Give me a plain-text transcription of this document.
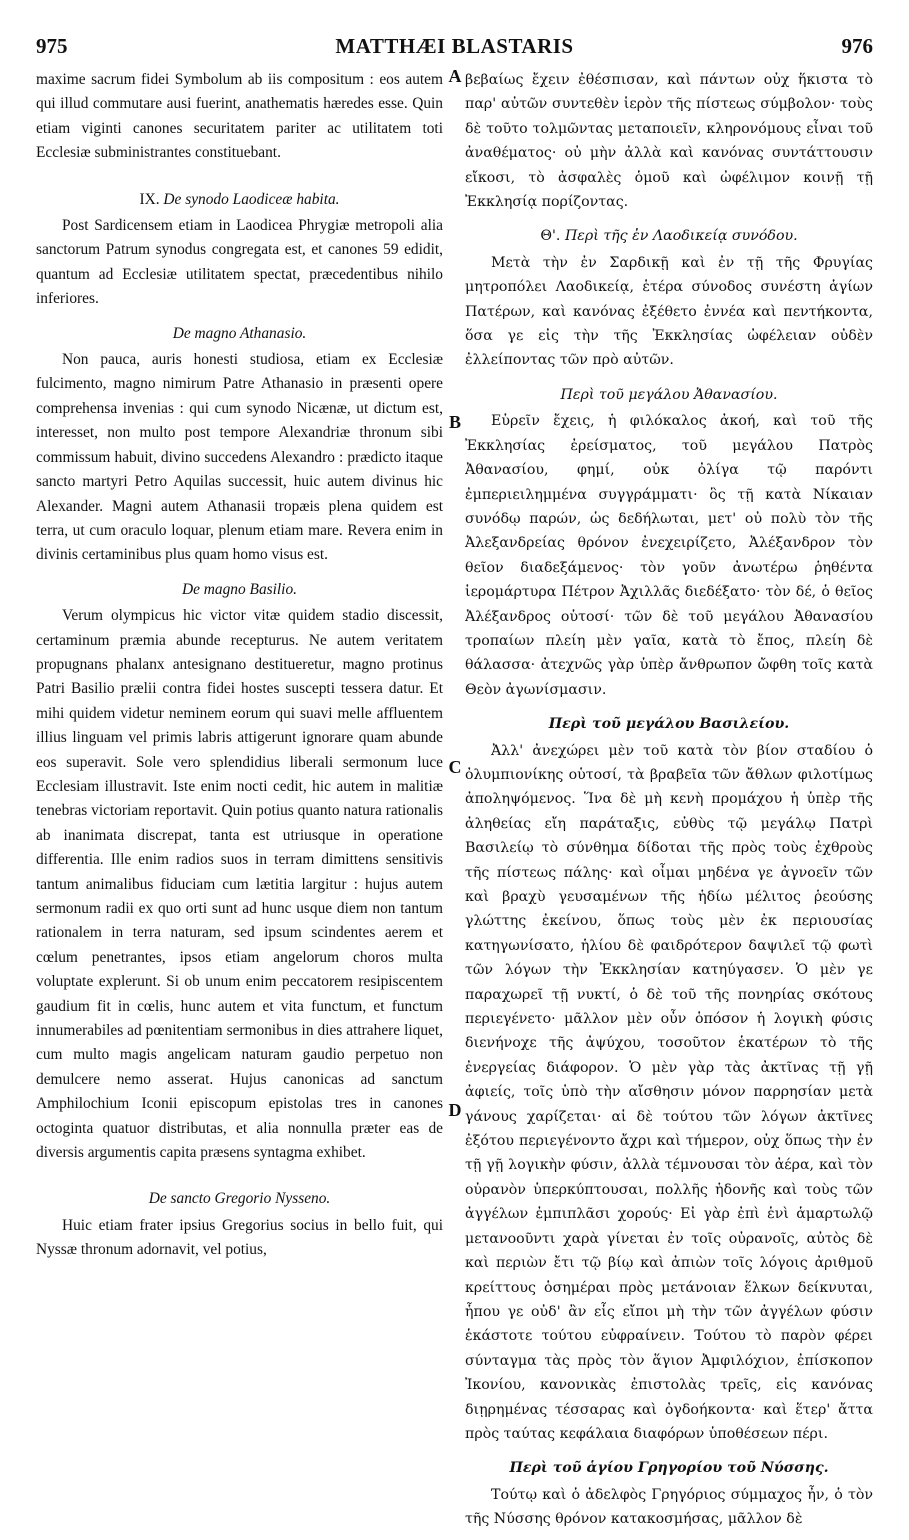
975	MATTHÆI BLASTARIS	976

maxime sacrum fidei Symbolum ab iis compositum : eos autem qui illud commutare ausi fuerint, anathematis hæredes esse. Quin etiam viginti canones securitatem pariter ac utilitatem toti Ecclesiæ subministrantes constituebant.

IX. De synodo Laodiceæ habita.

Post Sardicensem etiam in Laodicea Phrygiæ metropoli alia sanctorum Patrum synodus congregata est, et canones 59 edidit, quantum ad Ecclesiæ utilitatem spectat, præcedentibus nihilo inferiores.

De magno Athanasio.

Non pauca, auris honesti studiosa, etiam ex Ecclesiæ fulcimento, magno nimirum Patre Athanasio in præsenti opere comprehensa invenias : qui cum synodo Nicænæ, ut dictum est, interesset, non multo post tempore Alexandriæ thronum sibi commissum habuit, divino succedens Alexandro : prædicto itaque sancto martyri Petro Aquilas successit, huic autem divinus hic Alexander. Magni autem Athanasii tropæis plena quidem est terra, ut cum oraculo loquar, plenum etiam mare. Revera enim in divinis certaminibus plus quam homo visus est.

De magno Basilio.

Verum olympicus hic victor vitæ quidem stadio discessit, certaminum præmia abunde recepturus. Ne autem veritatem propugnans phalanx antesignano destitueretur, magno protinus Patri Basilio prælii contra fidei hostes suscepti tessera datur. Et mihi quidem videtur neminem eorum qui suavi melle affluentem illius linguam vel primis labris attigerunt ignorare quam abunde eos superavit. Sole vero splendidius liberali sermonum luce Ecclesiam illustravit. Iste enim nocti cedit, hic autem in malitiæ tenebras victoriam reportavit. Quin potius quanto natura rationalis ab inanimata discrepat, tanta est utriusque in operatione differentia. Ille enim radios suos in terram dimittens sensitivis tantum animalibus fiduciam cum lætitia largitur : hujus autem sermonum radii ex quo orti sunt ad hunc usque diem non tantum rationalem in terra naturam, sed ipsum scindentes aerem et cœlum penetrantes, ipsos etiam angelorum choros multa voluptate explerunt. Si ob unum enim peccatorem resipiscentem gaudium fit in cœlis, hunc autem et vita functum, et functum innumerabiles ad pœnitentiam sermonibus in dies attrahere liquet, cum multo magis angelicam naturam gaudio perpetuo non demulcere nemo asserat. Hujus canonicas ad sanctum Amphilochium Iconii episcopum epistolas tres in canones octoginta quatuor distributas, et alia nonnulla præter eas de diversis argumentis capita præsens syntagma exhibet.

De sancto Gregorio Nysseno.

Huic etiam frater ipsius Gregorius socius in bello fuit, qui Nyssæ thronum adornavit, vel potius,

A
B
C
D

βεβαίως ἔχειν ἐθέσπισαν, καὶ πάντων οὐχ ἥκιστα τὸ παρ' αὐτῶν συντεθὲν ἱερὸν τῆς πίστεως σύμβολον· τοὺς δὲ τοῦτο τολμῶντας μεταποιεῖν, κληρονόμους εἶναι τοῦ ἀναθέματος· οὐ μὴν ἀλλὰ καὶ κανόνας συντάττουσιν εἴκοσι, τὸ ἀσφαλὲς ὁμοῦ καὶ ὠφέλιμον κοινῇ τῇ Ἐκκλησίᾳ πορίζοντας.

Θ'. Περὶ τῆς ἐν Λαοδικείᾳ συνόδου.

Μετὰ τὴν ἐν Σαρδικῇ καὶ ἐν τῇ τῆς Φρυγίας μητροπόλει Λαοδικείᾳ, ἑτέρα σύνοδος συνέστη ἁγίων Πατέρων, καὶ κανόνας ἐξέθετο ἐννέα καὶ πεντήκοντα, ὅσα γε εἰς τὴν τῆς Ἐκκλησίας ὠφέλειαν οὐδὲν ἐλλείποντας τῶν πρὸ αὐτῶν.

Περὶ τοῦ μεγάλου Ἀθανασίου.

Εὑρεῖν ἔχεις, ἡ φιλόκαλος ἀκοή, καὶ τοῦ τῆς Ἐκκλησίας ἐρείσματος, τοῦ μεγάλου Πατρὸς Ἀθανασίου, φημί, οὐκ ὀλίγα τῷ παρόντι ἐμπεριειλημμένα συγγράμματι· ὃς τῇ κατὰ Νίκαιαν συνόδῳ παρών, ὡς δεδήλωται, μετ' οὐ πολὺ τὸν τῆς Ἀλεξανδρείας θρόνον ἐνεχειρίζετο, Ἀλέξανδρον τὸν θεῖον διαδεξάμενος· τὸν γοῦν ἀνωτέρω ῥηθέντα ἱερομάρτυρα Πέτρον Ἀχιλλᾶς διεδέξατο· τὸν δέ, ὁ θεῖος Ἀλέξανδρος οὑτοσί· τῶν δὲ τοῦ μεγάλου Ἀθανασίου τροπαίων πλείη μὲν γαῖα, κατὰ τὸ ἔπος, πλείη δὲ θάλασσα· ἀτεχνῶς γὰρ ὑπὲρ ἄνθρωπον ὤφθη τοῖς κατὰ Θεὸν ἀγωνίσμασιν.

Περὶ τοῦ μεγάλου Βασιλείου.

Ἀλλ' ἀνεχώρει μὲν τοῦ κατὰ τὸν βίον σταδίου ὁ ὀλυμπιονίκης οὑτοσί, τὰ βραβεῖα τῶν ἄθλων φιλοτίμως ἀποληψόμενος. Ἵνα δὲ μὴ κενὴ προμάχου ἡ ὑπὲρ τῆς ἀληθείας εἴη παράταξις, εὐθὺς τῷ μεγάλῳ Πατρὶ Βασιλείῳ τὸ σύνθημα δίδοται τῆς πρὸς τοὺς ἐχθροὺς τῆς πίστεως πάλης· καὶ οἶμαι μηδένα γε ἀγνοεῖν τῶν καὶ βραχὺ γευσαμένων τῆς ἡδίω μέλιτος ῥεούσης γλώττης ἐκείνου, ὅπως τοὺς μὲν ἐκ περιουσίας κατηγωνίσατο, ἡλίου δὲ φαιδρότερον δαψιλεῖ τῷ φωτὶ τῶν λόγων τὴν Ἐκκλησίαν κατηύγασεν. Ὁ μὲν γε παραχωρεῖ τῇ νυκτί, ὁ δὲ τοῦ τῆς πονηρίας σκότους περιεγένετο· μᾶλλον μὲν οὖν ὁπόσον ἡ λογικὴ φύσις διενήνοχε τῆς ἀψύχου, τοσοῦτον ἑκατέρων τὸ τῆς ἐνεργείας διάφορον. Ὁ μὲν γὰρ τὰς ἀκτῖνας τῇ γῇ ἀφιείς, τοῖς ὑπὸ τὴν αἴσθησιν μόνον παρρησίαν μετὰ γάνους χαρίζεται· αἱ δὲ τούτου τῶν λόγων ἀκτῖνες ἐξότου περιεγένοντο ἄχρι καὶ τήμερον, οὐχ ὅπως τὴν ἐν τῇ γῇ λογικὴν φύσιν, ἀλλὰ τέμνουσαι τὸν ἀέρα, καὶ τὸν οὐρανὸν ὑπερκύπτουσαι, πολλῆς ἡδονῆς καὶ τοὺς τῶν ἀγγέλων ἐμπιπλᾶσι χορούς· Εἰ γὰρ ἐπὶ ἑνὶ ἁμαρτωλῷ μετανοοῦντι χαρὰ γίνεται ἐν τοῖς οὐρανοῖς, αὐτὸς δὲ καὶ περιὼν ἔτι τῷ βίῳ καὶ ἀπιὼν τοῖς λόγοις ἀριθμοῦ κρείττους ὁσημέραι πρὸς μετάνοιαν ἕλκων δείκνυται, ἧπου γε οὐδ' ἂν εἷς εἴποι μὴ τὴν τῶν ἀγγέλων φύσιν ἑκάστοτε τούτου εὐφραίνειν. Τούτου τὸ παρὸν φέρει σύνταγμα τὰς πρὸς τὸν ἅγιον Ἀμφιλόχιον, ἐπίσκοπον Ἰκονίου, κανονικὰς ἐπιστολὰς τρεῖς, εἰς κανόνας διῃρημένας τέσσαρας καὶ ὀγδοήκοντα· καὶ ἕτερ' ἄττα πρὸς ταύτας κεφάλαια διαφόρων ὑποθέσεων πέρι.

Περὶ τοῦ ἁγίου Γρηγορίου τοῦ Νύσσης.

Τούτῳ καὶ ὁ ἀδελφὸς Γρηγόριος σύμμαχος ἦν, ὁ τὸν τῆς Νύσσης θρόνον κατακοσμήσας, μᾶλλον δὲ
